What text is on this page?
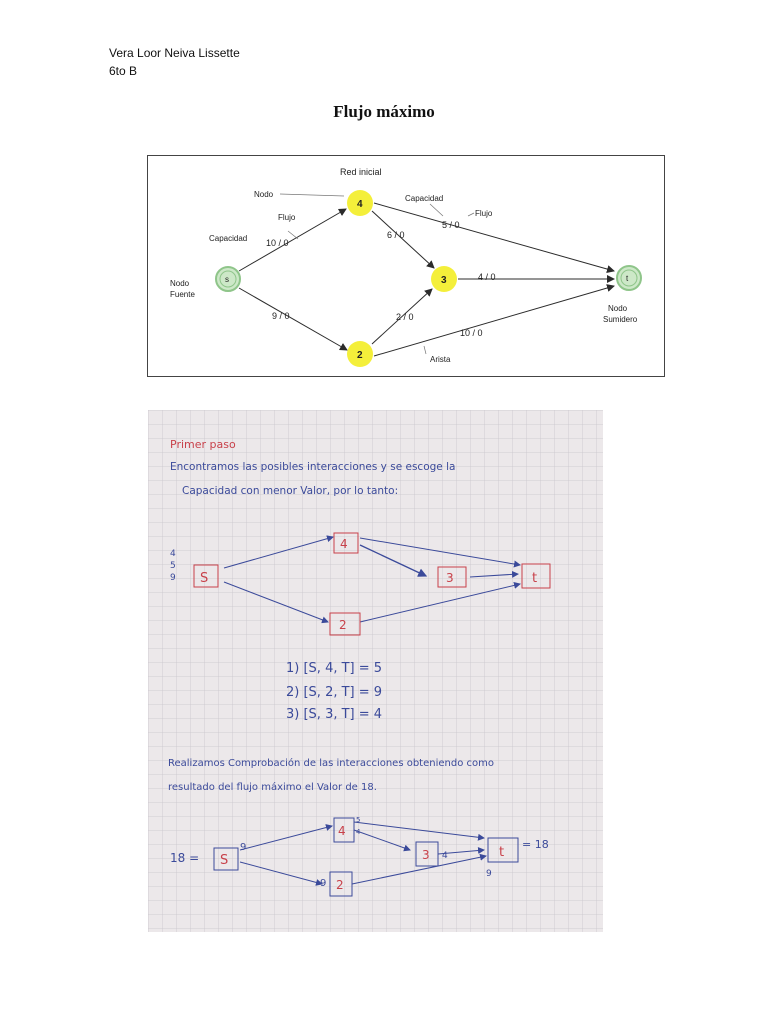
Vera Loor Neiva Lissette
6to B
Flujo máximo
Red inicial
s
4
3
2
t
10 / 0
9 / 0
6 / 0
5 / 0
4 / 0
2 / 0
10 / 0
Nodo
Flujo
Capacidad
Capacidad
Flujo
Nodo
Fuente
Nodo
Sumidero
Arista
Primer paso
Encontramos las posibles interacciones y se escoge la
Capacidad con menor Valor, por lo tanto:
S
4
3
2
t
4
5
9
1) [S, 4, T] = 5
2) [S, 2, T] = 9
3) [S, 3, T] = 4
Realizamos Comprobación de las interacciones obteniendo como
resultado del flujo máximo el Valor de 18.
18 = S
4
3
2
t
= 18
9
9
4
9
5
4
